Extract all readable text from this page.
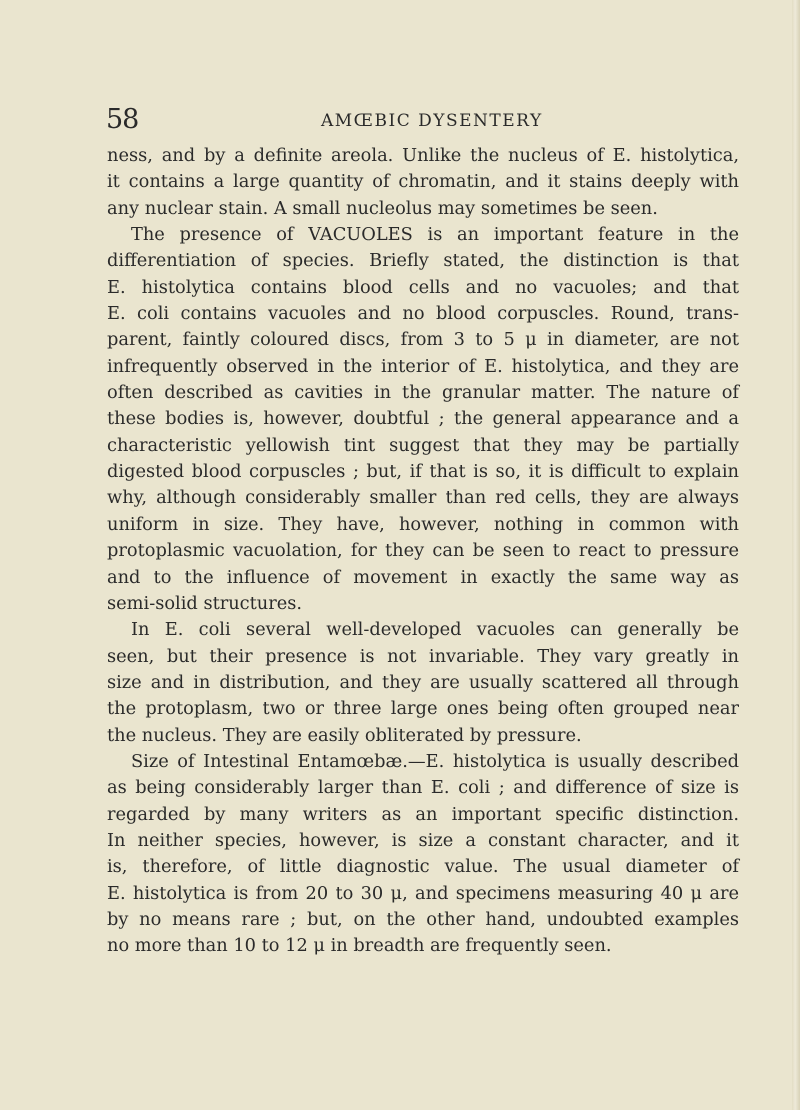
58	AMŒBIC DYSENTERY
ness, and by a definite areola. Unlike the nucleus of E. histolytica,
it contains a large quantity of chromatin, and it stains deeply with
any nuclear stain. A small nucleolus may sometimes be seen.
The presence of VACUOLES is an important feature in the
differentiation of species. Briefly stated, the distinction is that
E. histolytica contains blood cells and no vacuoles; and that
E. coli contains vacuoles and no blood corpuscles. Round, trans-
parent, faintly coloured discs, from 3 to 5 μ in diameter, are not
infrequently observed in the interior of E. histolytica, and they are
often described as cavities in the granular matter. The nature of
these bodies is, however, doubtful ; the general appearance and a
characteristic yellowish tint suggest that they may be partially
digested blood corpuscles ; but, if that is so, it is difficult to explain
why, although considerably smaller than red cells, they are always
uniform in size. They have, however, nothing in common with
protoplasmic vacuolation, for they can be seen to react to pressure
and to the influence of movement in exactly the same way as
semi-solid structures.
In E. coli several well-developed vacuoles can generally be
seen, but their presence is not invariable. They vary greatly in
size and in distribution, and they are usually scattered all through
the protoplasm, two or three large ones being often grouped near
the nucleus. They are easily obliterated by pressure.
Size of Intestinal Entamœbæ.—E. histolytica is usually described
as being considerably larger than E. coli ; and difference of size is
regarded by many writers as an important specific distinction.
In neither species, however, is size a constant character, and it
is, therefore, of little diagnostic value. The usual diameter of
E. histolytica is from 20 to 30 μ, and specimens measuring 40 μ are
by no means rare ; but, on the other hand, undoubted examples
no more than 10 to 12 μ in breadth are frequently seen.
